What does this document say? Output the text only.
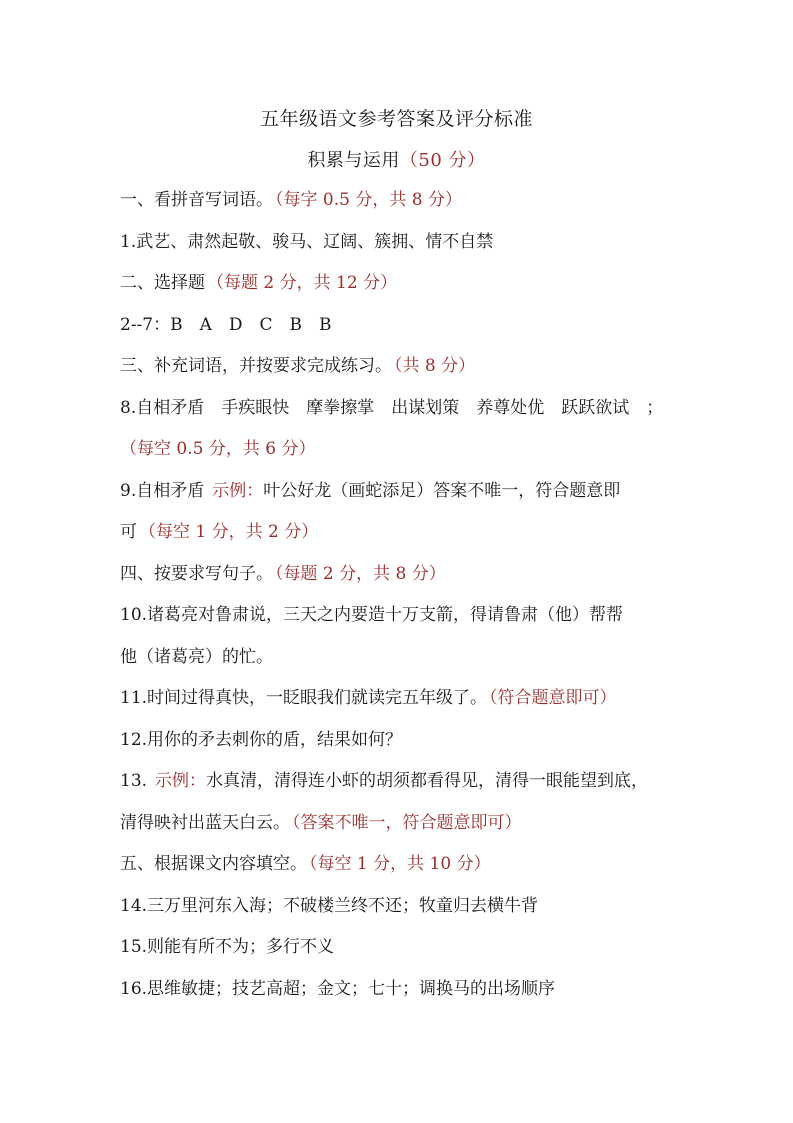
五年级语文参考答案及评分标准
积累与运用（50 分）
一、看拼音写词语。 （每字 0.5 分，共 8 分）
1.武艺、肃然起敬、骏马、辽阔、簇拥、情不自禁
二、选择题 （每题 2 分，共 12 分）
2--7：B　A　D　C　B　B
三、补充词语，并按要求完成练习。 （共 8 分）
8.自相矛盾　手疾眼快　摩拳擦掌　出谋划策　养尊处优　跃跃欲试　；
（每空 0.5 分，共 6 分）
9.自相矛盾 示例：叶公好龙（画蛇添足）答案不唯一，符合题意即
可 （每空 1 分，共 2 分）
四、按要求写句子。 （每题 2 分，共 8 分）
10.诸葛亮对鲁肃说，三天之内要造十万支箭，得请鲁肃（他）帮帮
他（诸葛亮）的忙。
11.时间过得真快，一眨眼我们就读完五年级了。 （符合题意即可）
12.用你的矛去刺你的盾，结果如何？
13. 示例：水真清，清得连小虾的胡须都看得见，清得一眼能望到底，
清得映衬出蓝天白云。 （答案不唯一，符合题意即可）
五、根据课文内容填空。 （每空 1 分，共 10 分）
14.三万里河东入海；不破楼兰终不还；牧童归去横牛背
15.则能有所不为；多行不义
16.思维敏捷；技艺高超；金文；七十；调换马的出场顺序
